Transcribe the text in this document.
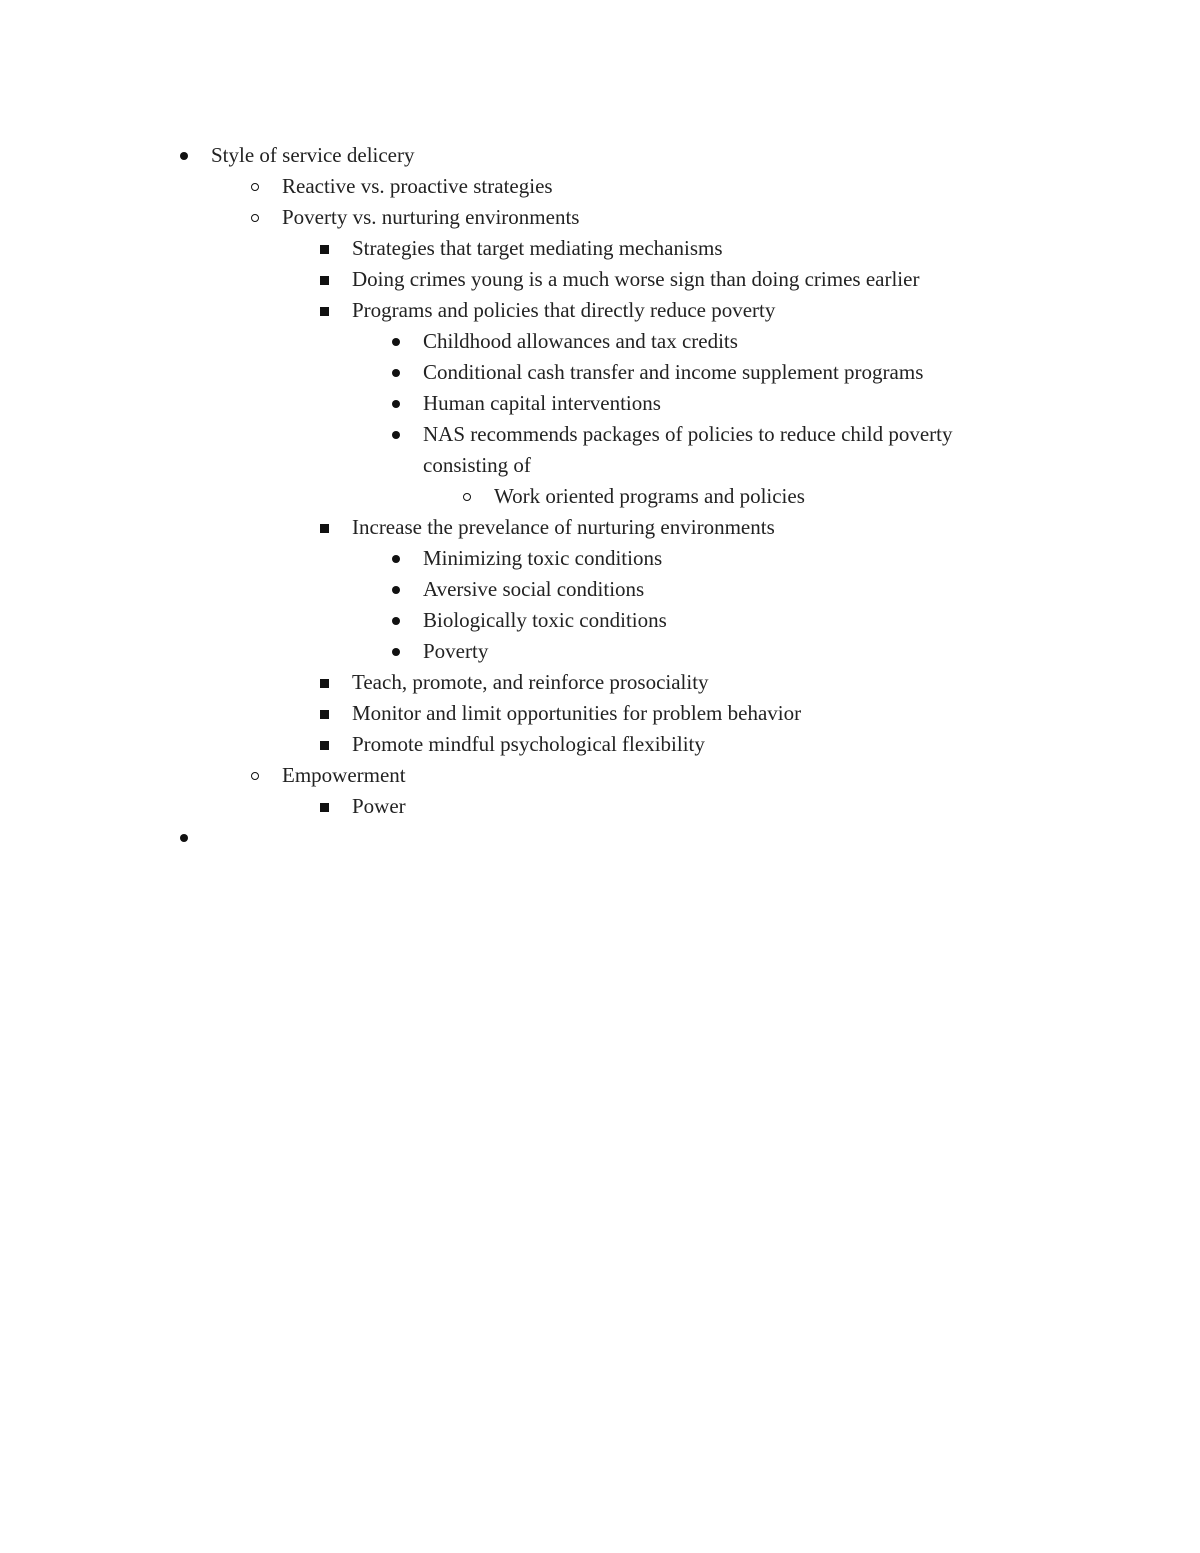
Style of service delicery
Reactive vs. proactive strategies
Poverty vs. nurturing environments
Strategies that target mediating mechanisms
Doing crimes young is a much worse sign than doing crimes earlier
Programs and policies that directly reduce poverty
Childhood allowances and tax credits
Conditional cash transfer and income supplement programs
Human capital interventions
NAS recommends packages of policies to reduce child poverty consisting of
Work oriented programs and policies
Increase the prevelance of nurturing environments
Minimizing toxic conditions
Aversive social conditions
Biologically toxic conditions
Poverty
Teach, promote, and reinforce prosociality
Monitor and limit opportunities for problem behavior
Promote mindful psychological flexibility
Empowerment
Power
